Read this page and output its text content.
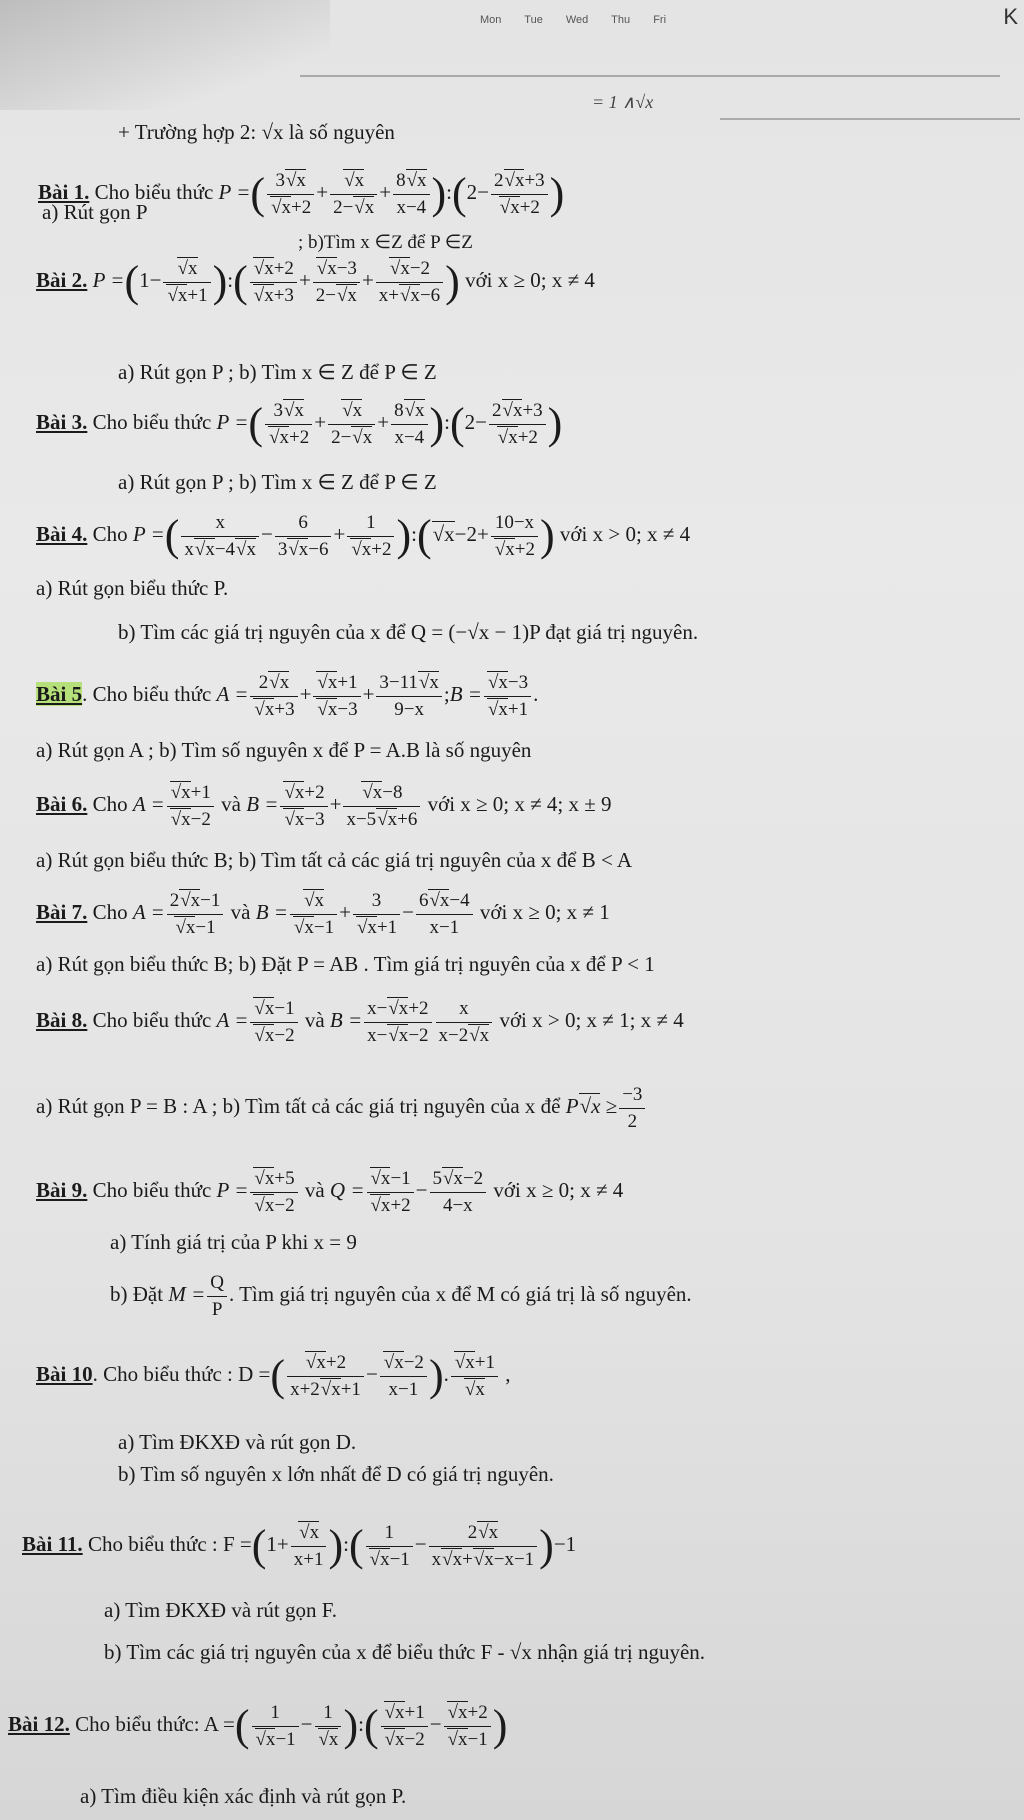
Mon Tue Wed Thu Fri	K
= 1 ∧√x
+ Trường hợp 2: √x là số nguyên
Bài 1. Cho biểu thức P =( $\frac{3√x}{√x+2} + \frac{√x}{2-√x} + \frac{8√x}{x-4}$ ):(2− $\frac{2√x+3}{√x+2}$ )
a) Rút gọn P
; b)Tìm x ∈Z để P ∈Z
Bài 2. $P =(1- \frac{√x}{√x+1}$ ):( $\frac{√x+2}{√x+3} + \frac{√x-3}{2-√x} + \frac{√x-2}{x+√x-6}$ ) với x ≥ 0; x ≠ 4
a) Rút gọn P ; b) Tìm x ∈ Z để P ∈ Z
Bài 3. Cho biểu thức P =( $\frac{3√x}{√x+2} + \frac{√x}{2-√x} + \frac{8√x}{x-4}$ ):(2− $\frac{2√x+3}{√x+2}$ )
a) Rút gọn P ; b) Tìm x ∈ Z để P ∈ Z
Bài 4. Cho P =( $\frac{x}{x√x-4√x} - \frac{6}{3√x-6} + \frac{1}{√x+2}$ ):(√x−2+ $\frac{10-x}{√x+2}$ ) với x > 0; x ≠ 4
a) Rút gọn biểu thức P.
b) Tìm các giá trị nguyên của x để Q = (−√x − 1)P đạt giá trị nguyên.
Bài 5. Cho biểu thức $A = \frac{2√x}{√x+3} + \frac{√x+1}{√x-3} + \frac{3-11√x}{9-x}$ ;B = $\frac{√x-3}{√x+1}$ .
a) Rút gọn A ; b) Tìm số nguyên x để P = A.B là số nguyên
Bài 6. Cho $A = \frac{√x+1}{√x-2}$ và $B = \frac{√x+2}{√x-3} + \frac{√x-8}{x-5√x+6}$ với x ≥ 0; x ≠ 4; x ± 9
a) Rút gọn biểu thức B; b) Tìm tất cả các giá trị nguyên của x để B < A
Bài 7. Cho $A = \frac{2√x-1}{√x-1}$ và $B = \frac{√x}{√x-1} + \frac{3}{√x+1} - \frac{6√x-4}{x-1}$ với x ≥ 0; x ≠ 1
a) Rút gọn biểu thức B; b) Đặt P = AB . Tìm giá trị nguyên của x để P < 1
Bài 8. Cho biểu thức $A = \frac{√x-1}{√x-2}$ và $B = \frac{x-√x+2}{x-√x-2} \frac{x}{x-2√x}$ với x > 0; x ≠ 1; x ≠ 4
a) Rút gọn P = B : A ; b) Tìm tất cả các giá trị nguyên của x để $P√x \ge \frac{-3}{2}$
Bài 9. Cho biểu thức $P = \frac{√x+5}{√x-2}$ và $Q = \frac{√x-1}{√x+2} - \frac{5√x-2}{4-x}$ với x ≥ 0; x ≠ 4
a) Tính giá trị của P khi x = 9
b) Đặt $M = \frac{Q}{P}$ . Tìm giá trị nguyên của x để M có giá trị là số nguyên.
Bài 10. Cho biểu thức : D =( $\frac{√x+2}{x+2√x+1} - \frac{√x-2}{x-1}$ ). $\frac{√x+1}{√x}$ ,
a) Tìm ĐKXĐ và rút gọn D.
b) Tìm số nguyên x lớn nhất để D có giá trị nguyên.
Bài 11. Cho biểu thức : $F =(1+ \frac{√x}{x+1}$ ):( $\frac{1}{√x-1} - \frac{2√x}{x√x+√x-x-1} )-1$
a) Tìm ĐKXĐ và rút gọn F.
b) Tìm các giá trị nguyên của x để biểu thức F - √x nhận giá trị nguyên.
Bài 12. Cho biểu thức: A =( $\frac{1}{√x-1} - \frac{1}{√x}$ ):( $\frac{√x+1}{√x-2} - \frac{√x+2}{√x-1}$ )
a) Tìm điều kiện xác định và rút gọn P.
